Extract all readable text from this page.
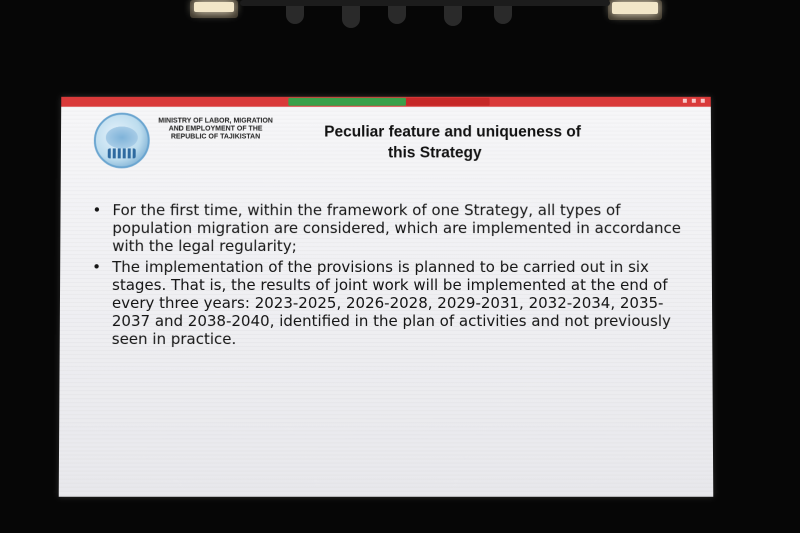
MINISTRY OF LABOR, MIGRATION AND EMPLOYMENT OF THE REPUBLIC OF TAJIKISTAN	Peculiar feature and uniqueness of
this Strategy
• For the first time, within the framework of one Strategy, all types of population migration are considered, which are implemented in accordance with the legal regularity;
• The implementation of the provisions is planned to be carried out in six stages. That is, the results of joint work will be implemented at the end of every three years: 2023-2025, 2026-2028, 2029-2031, 2032-2034, 2035-2037 and 2038-2040, identified in the plan of activities and not previously seen in practice.
